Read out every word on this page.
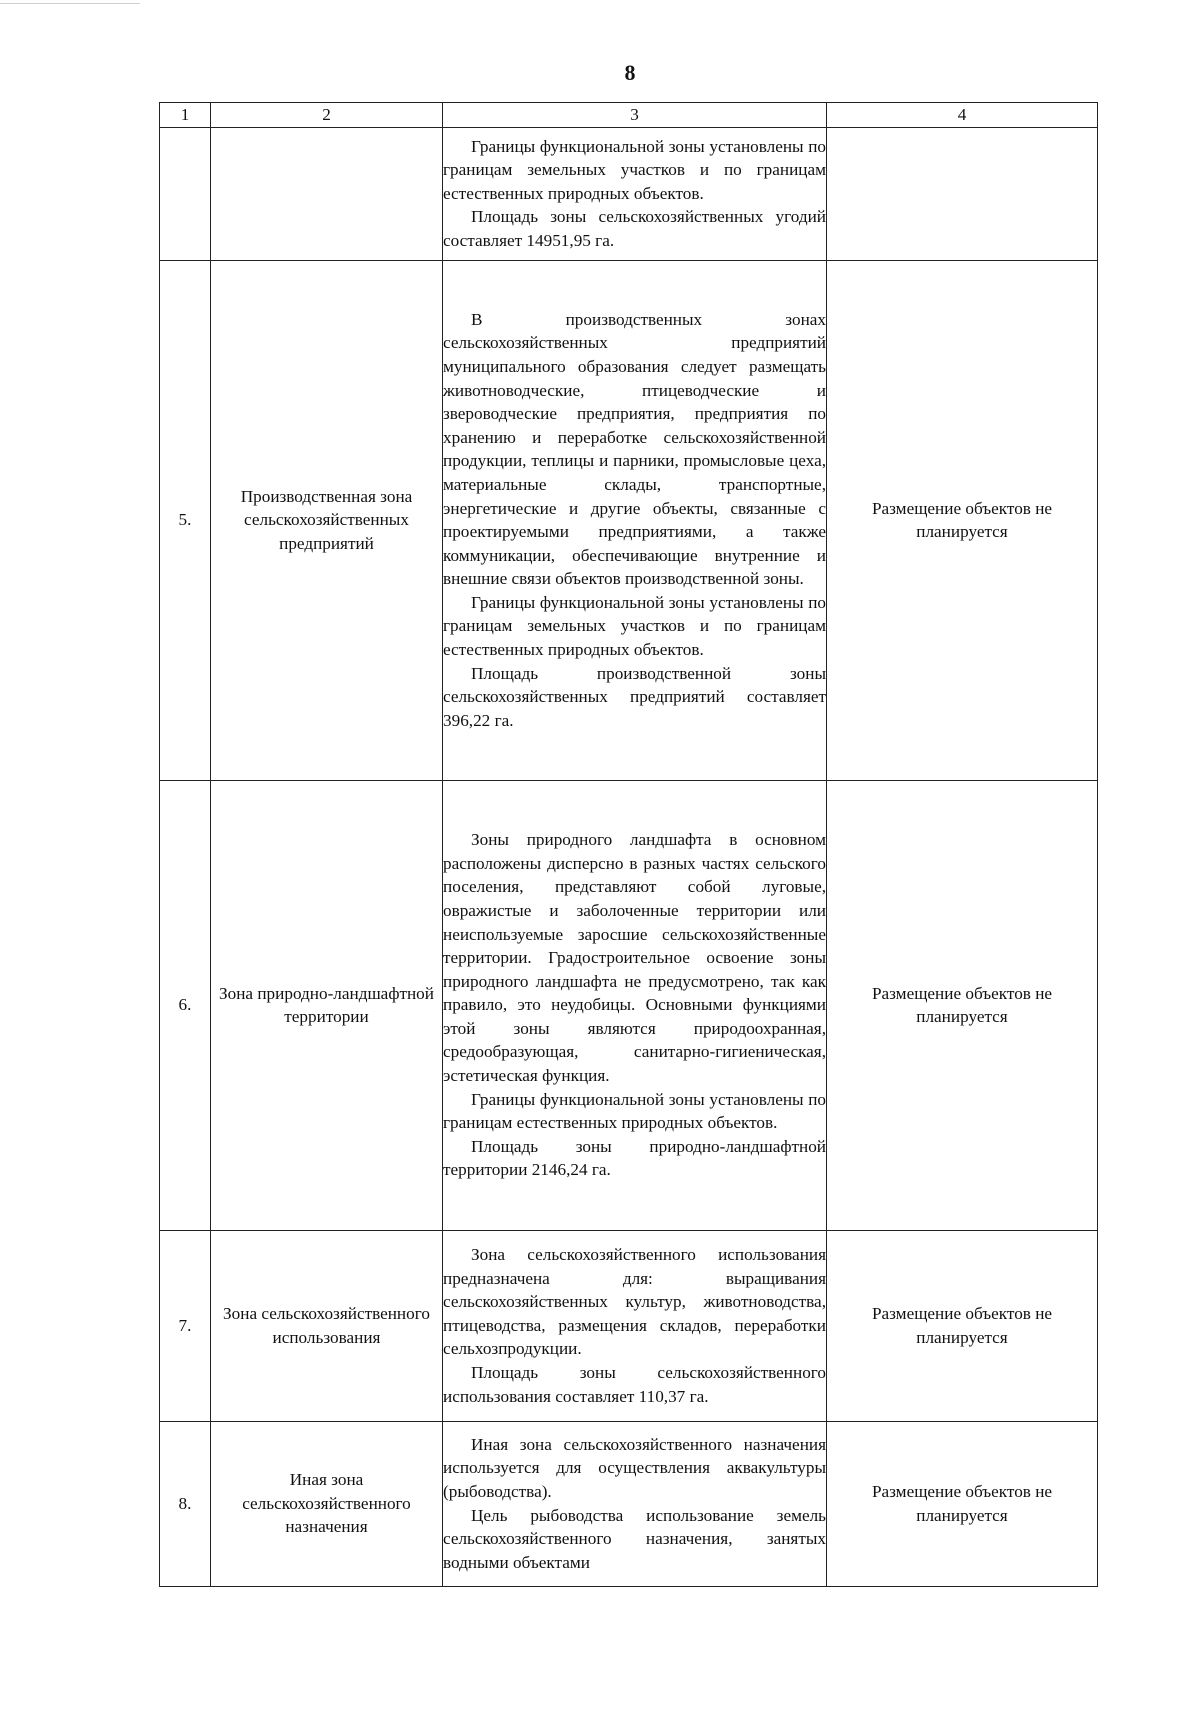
8
1	2	3	4

		Границы функциональной зоны установлены по границам земельных участков и по границам естественных природных объектов.

Площадь зоны сельскохозяйственных угодий составляет 14951,95 га.	

5.	Производственная зона сельскохозяйственных предприятий	В производственных зонах сельскохозяйственных предприятий муниципального образования следует размещать животноводческие, птицеводческие и звероводческие предприятия, предприятия по хранению и переработке сельскохозяйственной продукции, теплицы и парники, промысловые цеха, материальные склады, транспортные, энергетические и другие объекты, связанные с проектируемыми предприятиями, а также коммуникации, обеспечивающие внутренние и внешние связи объектов производственной зоны.

Границы функциональной зоны установлены по границам земельных участков и по границам естественных природных объектов.

Площадь производственной зоны сельскохозяйственных предприятий составляет 396,22 га.	Размещение объектов не планируется
6.	Зона природно-ландшафтной территории	Зоны природного ландшафта в основном расположены дисперсно в разных частях сельского поселения, представляют собой луговые, овражистые и заболоченные территории или неиспользуемые заросшие сельскохозяйственные территории. Градостроительное освоение зоны природного ландшафта не предусмотрено, так как правило, это неудобицы. Основными функциями этой зоны являются природоохранная, средообразующая, санитарно-гигиеническая, эстетическая функция.

Границы функциональной зоны установлены по границам естественных природных объектов.

Площадь зоны природно-ландшафтной территории 2146,24 га.	Размещение объектов не планируется
7.	Зона сельскохозяйственного использования	Зона сельскохозяйственного использования предназначена для: выращивания сельскохозяйственных культур, животноводства, птицеводства, размещения складов, переработки сельхозпродукции.

Площадь зоны сельскохозяйственного использования составляет 110,37 га.	Размещение объектов не планируется
8.	Иная зона сельскохозяйственного назначения	Иная зона сельскохозяйственного назначения используется для осуществления аквакультуры (рыбоводства).

Цель рыбоводства использование земель сельскохозяйственного назначения, занятых водными объектами	Размещение объектов не планируется
